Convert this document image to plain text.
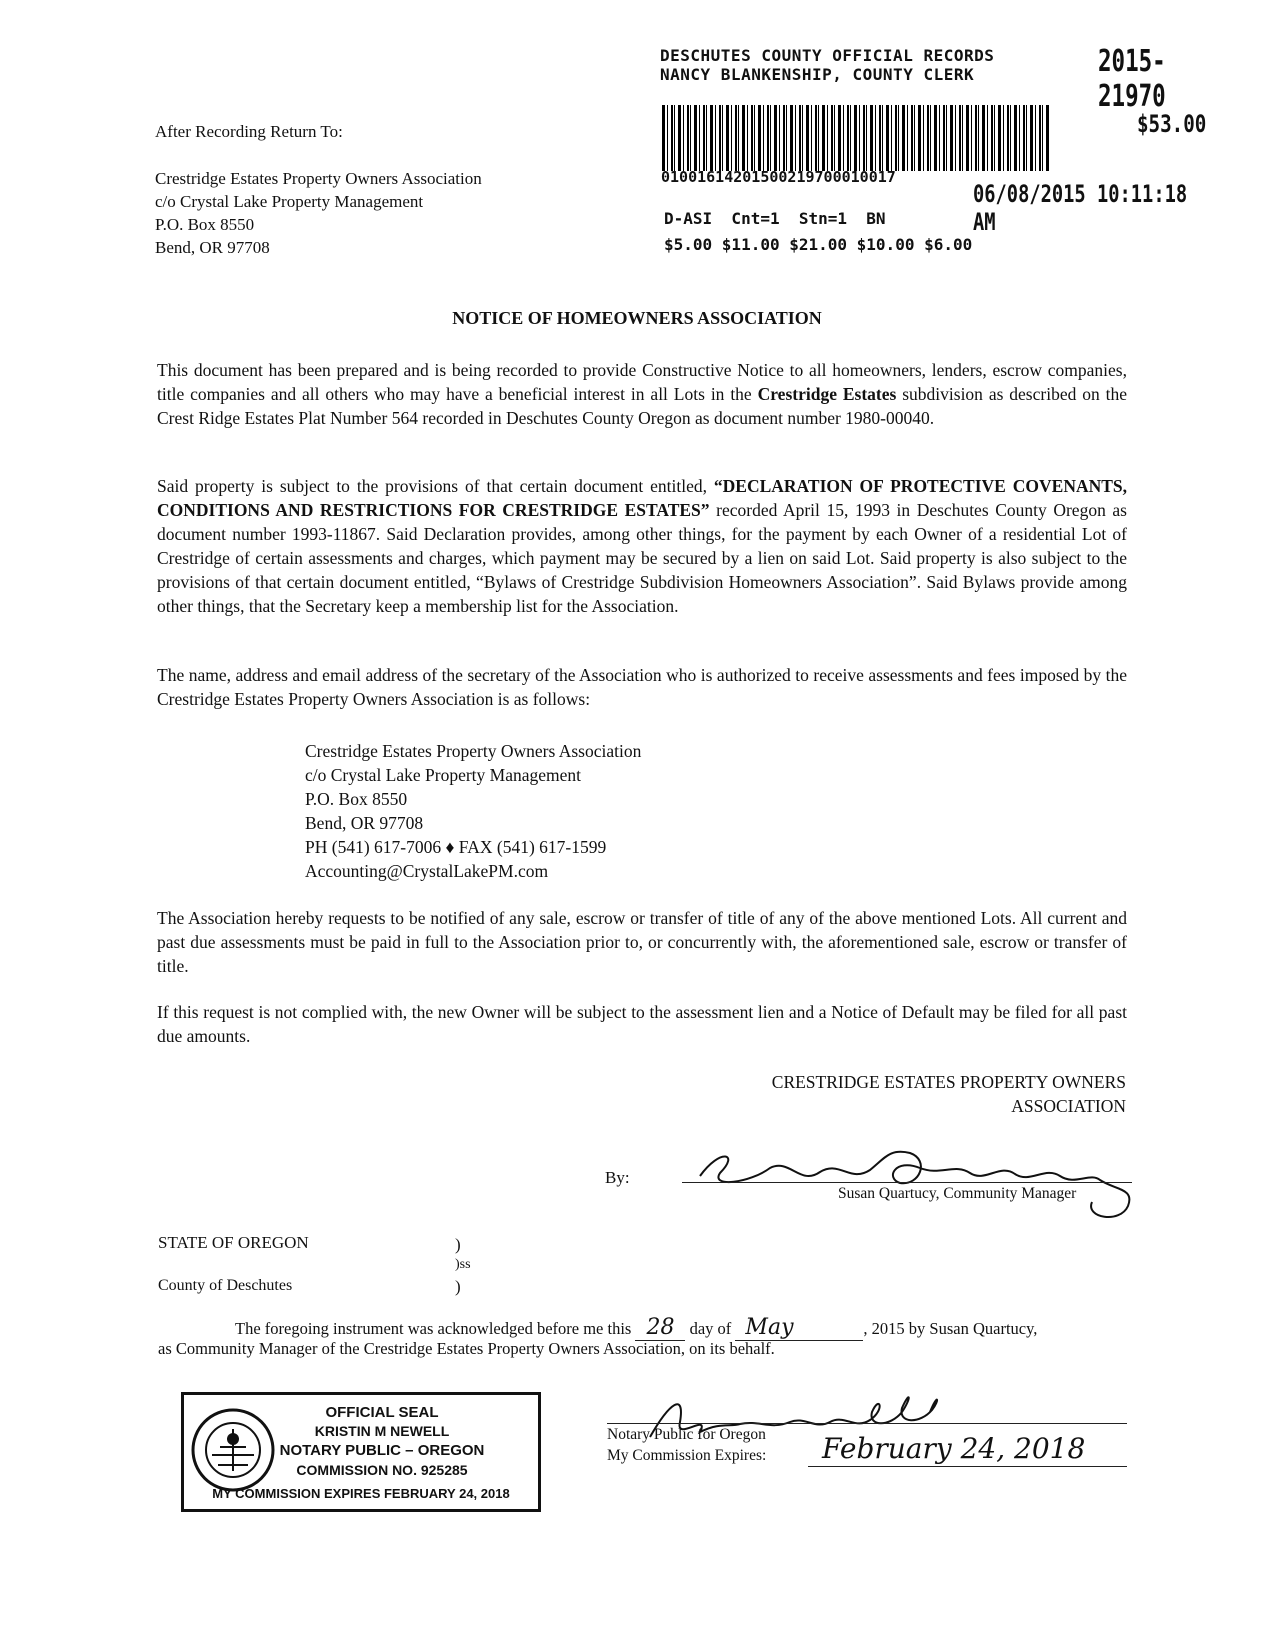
DESCHUTES COUNTY OFFICIAL RECORDS
NANCY BLANKENSHIP, COUNTY CLERK	2015-21970
$53.00
01001614201500219700010017
06/08/2015 10:11:18 AM
D-ASI  Cnt=1  Stn=1  BN
$5.00 $11.00 $21.00 $10.00 $6.00
After Recording Return To:
Crestridge Estates Property Owners Association
c/o Crystal Lake Property Management
P.O. Box 8550
Bend, OR 97708
NOTICE OF HOMEOWNERS ASSOCIATION
This document has been prepared and is being recorded to provide Constructive Notice to all homeowners, lenders, escrow companies, title companies and all others who may have a beneficial interest in all Lots in the Crestridge Estates subdivision as described on the Crest Ridge Estates Plat Number 564 recorded in Deschutes County Oregon as document number 1980-00040.
Said property is subject to the provisions of that certain document entitled, “DECLARATION OF PROTECTIVE COVENANTS, CONDITIONS AND RESTRICTIONS FOR CRESTRIDGE ESTATES” recorded April 15, 1993 in Deschutes County Oregon as document number 1993-11867. Said Declaration provides, among other things, for the payment by each Owner of a residential Lot of Crestridge of certain assessments and charges, which payment may be secured by a lien on said Lot. Said property is also subject to the provisions of that certain document entitled, “Bylaws of Crestridge Subdivision Homeowners Association”. Said Bylaws provide among other things, that the Secretary keep a membership list for the Association.
The name, address and email address of the secretary of the Association who is authorized to receive assessments and fees imposed by the Crestridge Estates Property Owners Association is as follows:
Crestridge Estates Property Owners Association
c/o Crystal Lake Property Management
P.O. Box 8550
Bend, OR 97708
PH (541) 617-7006 ♦ FAX (541) 617-1599
Accounting@CrystalLakePM.com
The Association hereby requests to be notified of any sale, escrow or transfer of title of any of the above mentioned Lots. All current and past due assessments must be paid in full to the Association prior to, or concurrently with, the aforementioned sale, escrow or transfer of title.
If this request is not complied with, the new Owner will be subject to the assessment lien and a Notice of Default may be filed for all past due amounts.
CRESTRIDGE ESTATES PROPERTY OWNERS
ASSOCIATION
By:
Susan Quartucy, Community Manager
STATE OF OREGON	)
)ss
County of Deschutes	)
The foregoing instrument was acknowledged before me this 28 day of May	, 2015 by Susan Quartucy,
as Community Manager of the Crestridge Estates Property Owners Association, on its behalf.
OFFICIAL SEAL
KRISTIN M NEWELL
NOTARY PUBLIC – OREGON
COMMISSION NO. 925285
MY COMMISSION EXPIRES FEBRUARY 24, 2018
Notary Public for Oregon
My Commission Expires: February 24, 2018
